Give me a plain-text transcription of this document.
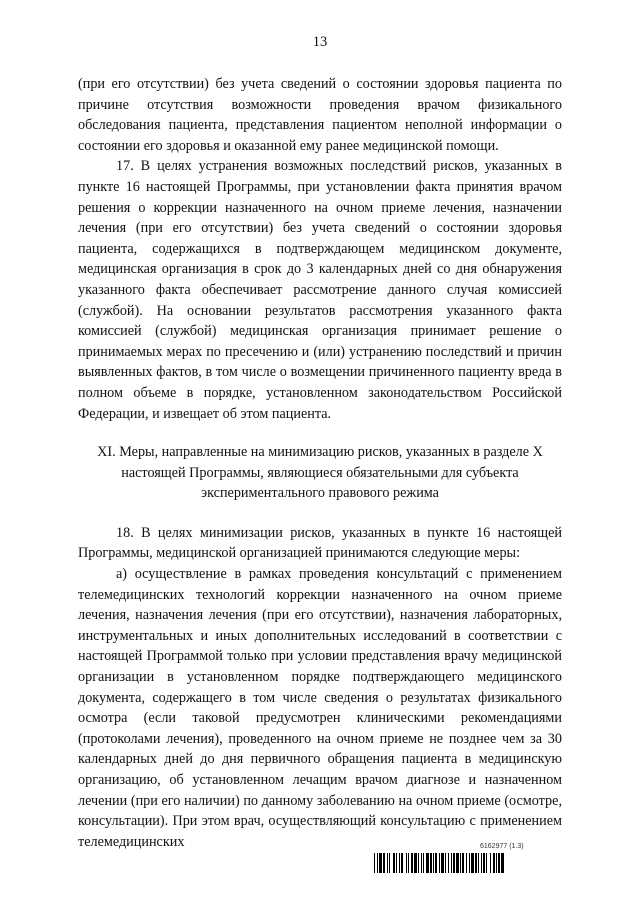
13

(при его отсутствии) без учета сведений о состоянии здоровья пациента по причине отсутствия возможности проведения врачом физикального обследования пациента, представления пациентом неполной информации о состоянии его здоровья и оказанной ему ранее медицинской помощи.

17. В целях устранения возможных последствий рисков, указанных в пункте 16 настоящей Программы, при установлении факта принятия врачом решения о коррекции назначенного на очном приеме лечения, назначении лечения (при его отсутствии) без учета сведений о состоянии здоровья пациента, содержащихся в подтверждающем медицинском документе, медицинская организация в срок до 3 календарных дней со дня обнаружения указанного факта обеспечивает рассмотрение данного случая комиссией (службой). На основании результатов рассмотрения указанного факта комиссией (службой) медицинская организация принимает решение о принимаемых мерах по пресечению и (или) устранению последствий и причин выявленных фактов, в том числе о возмещении причиненного пациенту вреда в полном объеме в порядке, установленном законодательством Российской Федерации, и извещает об этом пациента.

XI. Меры, направленные на минимизацию рисков, указанных в разделе X настоящей Программы, являющиеся обязательными для субъекта экспериментального правового режима

18. В целях минимизации рисков, указанных в пункте 16 настоящей Программы, медицинской организацией принимаются следующие меры:

а) осуществление в рамках проведения консультаций с применением телемедицинских технологий коррекции назначенного на очном приеме лечения, назначения лечения (при его отсутствии), назначения лабораторных, инструментальных и иных дополнительных исследований в соответствии с настоящей Программой только при условии представления врачу медицинской организации в установленном порядке подтверждающего медицинского документа, содержащего в том числе сведения о результатах физикального осмотра (если таковой предусмотрен клиническими рекомендациями (протоколами лечения), проведенного на очном приеме не позднее чем за 30 календарных дней до дня первичного обращения пациента в медицинскую организацию, об установленном лечащим врачом диагнозе и назначенном лечении (при его наличии) по данному заболеванию на очном приеме (осмотре, консультации). При этом врач, осуществляющий консультацию с применением телемедицинских	6162977 (1.3)
